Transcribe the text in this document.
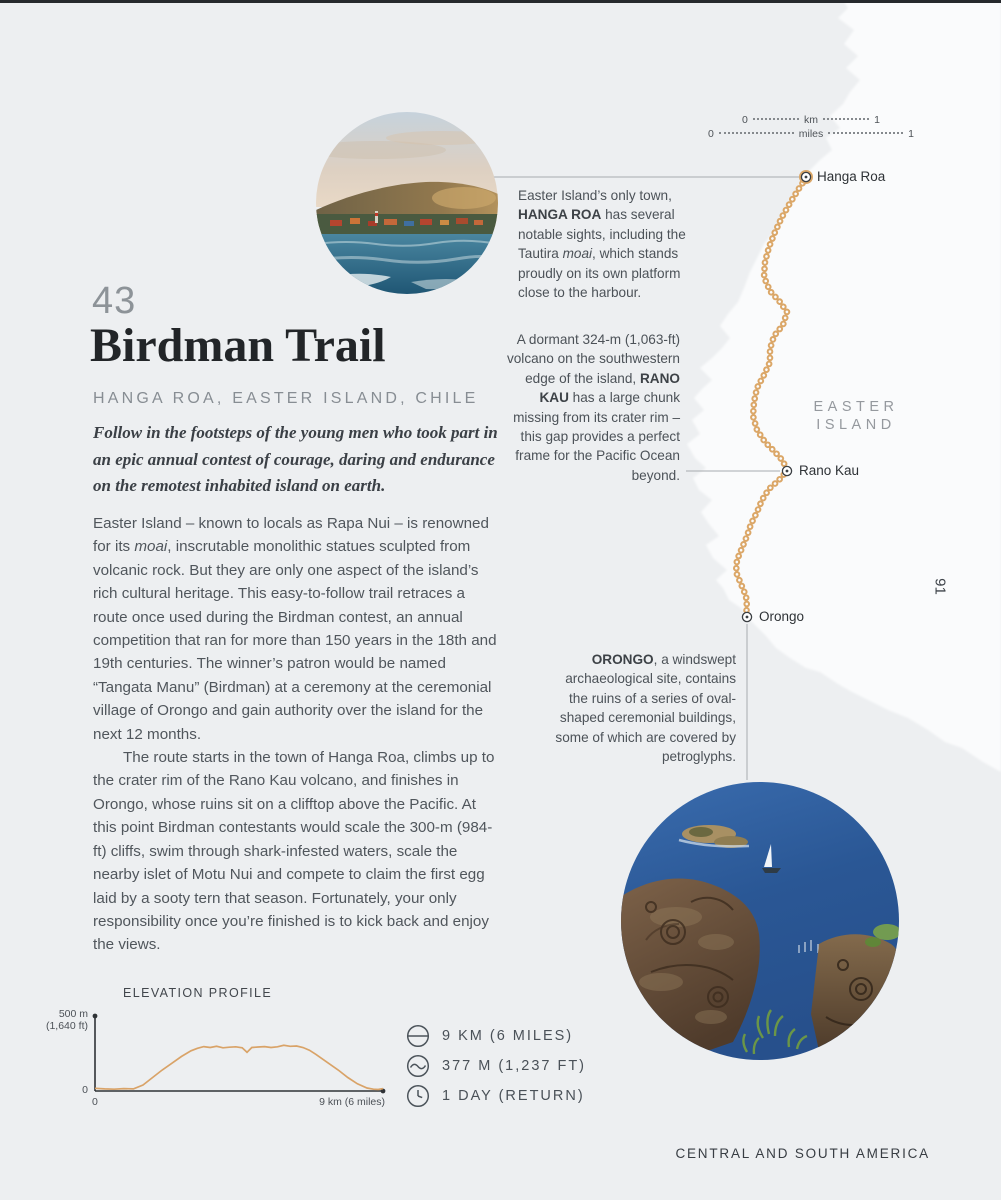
43
Birdman Trail
HANGA ROA, EASTER ISLAND, CHILE
Follow in the footsteps of the young men who took part in an epic annual contest of courage, daring and endurance on the remotest inhabited island on earth.

Easter Island – known to locals as Rapa Nui – is renowned for its moai, inscrutable monolithic statues sculpted from volcanic rock. But they are only one aspect of the island’s rich cultural heritage. This easy-to-follow trail retraces a route once used during the Birdman contest, an annual competition that ran for more than 150 years in the 18th and 19th centuries. The winner’s patron would be named “Tangata Manu” (Birdman) at a ceremony at the ceremonial village of Orongo and gain authority over the island for the next 12 months.

The route starts in the town of Hanga Roa, climbs up to the crater rim of the Rano Kau volcano, and finishes in Orongo, whose ruins sit on a clifftop above the Pacific. At this point Birdman contestants would scale the 300-m (984-ft) cliffs, swim through shark-infested waters, scale the nearby islet of Motu Nui and compete to claim the first egg laid by a sooty tern that season. Fortunately, your only responsibility once you’re finished is to kick back and enjoy the views.

Easter Island’s only town, HANGA ROA has several notable sights, including the Tautira moai, which stands proudly on its own platform close to the harbour.

A dormant 324-m (1,063-ft) volcano on the southwestern edge of the island, RANO KAU has a large chunk missing from its crater rim – this gap provides a perfect frame for the Pacific Ocean beyond.

ORONGO, a windswept archaeological site, contains the ruins of a series of oval-shaped ceremonial buildings, some of which are covered by petroglyphs.

Hanga Roa
Rano Kau
Orongo
EASTER
ISLAND
0	km	1
0	miles	1
91
ELEVATION PROFILE
500 m
(1,640 ft)
0
0	9 km (6 miles)
9 KM (6 MILES)
377 M (1,237 FT)
1 DAY (RETURN)
CENTRAL AND SOUTH AMERICA
